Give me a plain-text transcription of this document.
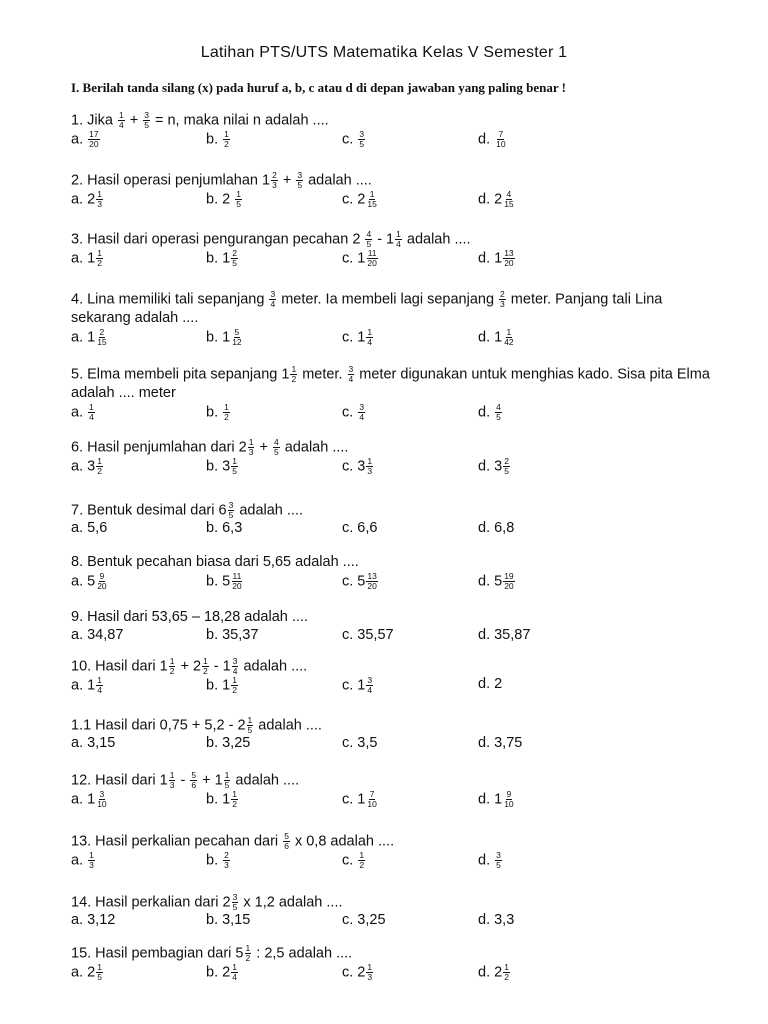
Latihan PTS/UTS Matematika Kelas V Semester 1
I. Berilah tanda silang (x) pada huruf a, b, c atau d di depan jawaban yang paling benar !
1. Jika $\frac{1}{4} + \frac{3}{5} = n$, maka nilai n adalah ....
a. $\frac{17}{20}$	b. $\frac{1}{2}$	c. $\frac{3}{5}$	d. $\frac{7}{10}$
2. Hasil operasi penjumlahan $1 \frac{2}{3} + \frac{3}{5}$ adalah ....
a. $2 \frac{1}{3}$	b. $2 \frac{1}{5}$	c. $2 \frac{1}{15}$	d. $2 \frac{4}{15}$
3. Hasil dari operasi pengurangan pecahan $2 \frac{4}{5} - 1 \frac{1}{4}$ adalah ....
a. $1 \frac{1}{2}$	b. $1 \frac{2}{5}$	c. $1 \frac{11}{20}$	d. $1 \frac{13}{20}$
4. Lina memiliki tali sepanjang $\frac{3}{4}$ meter. Ia membeli lagi sepanjang $\frac{2}{3}$ meter. Panjang tali Lina sekarang adalah ....
a. $1 \frac{2}{15}$	b. $1 \frac{5}{12}$	c. $1 \frac{1}{4}$	d. $1 \frac{1}{42}$
5. Elma membeli pita sepanjang $1 \frac{1}{2}$ meter. $\frac{3}{4}$ meter digunakan untuk menghias kado. Sisa pita Elma adalah .... meter
a. $\frac{1}{4}$	b. $\frac{1}{2}$	c. $\frac{3}{4}$	d. $\frac{4}{5}$
6. Hasil penjumlahan dari $2 \frac{1}{3} + \frac{4}{5}$ adalah ....
a. $3 \frac{1}{2}$	b. $3 \frac{1}{5}$	c. $3 \frac{1}{3}$	d. $3 \frac{2}{5}$
7. Bentuk desimal dari $6 \frac{3}{5}$ adalah ....
a. 5,6	b. 6,3	c. 6,6	d. 6,8
8. Bentuk pecahan biasa dari 5,65 adalah ....
a. $5 \frac{9}{20}$	b. $5 \frac{11}{20}$	c. $5 \frac{13}{20}$	d. $5 \frac{19}{20}$
9. Hasil dari 53,65 – 18,28 adalah ....
a. 34,87	b. 35,37	c. 35,57	d. 35,87
10. Hasil dari $1 \frac{1}{2} + 2 \frac{1}{2} - 1 \frac{3}{4}$ adalah ....
a. $1 \frac{1}{4}$	b. $1 \frac{1}{2}$	c. $1 \frac{3}{4}$	d. 2
1.1 Hasil dari $0,75 + 5,2 - 2 \frac{1}{5}$ adalah ....
a. 3,15	b. 3,25	c. 3,5	d. 3,75
12. Hasil dari $1 \frac{1}{3} - \frac{5}{6} + 1 \frac{1}{5}$ adalah ....
a. $1 \frac{3}{10}$	b. $1 \frac{1}{2}$	c. $1 \frac{7}{10}$	d. $1 \frac{9}{10}$
13. Hasil perkalian pecahan dari $\frac{5}{6}$ x 0,8 adalah ....
a. $\frac{1}{3}$	b. $\frac{2}{3}$	c. $\frac{1}{2}$	d. $\frac{3}{5}$
14. Hasil perkalian dari $2 \frac{3}{5}$ x 1,2 adalah ....
a. 3,12	b. 3,15	c. 3,25	d. 3,3
15. Hasil pembagian dari $5 \frac{1}{2}$ : 2,5 adalah ....
a. $2 \frac{1}{5}$	b. $2 \frac{1}{4}$	c. $2 \frac{1}{3}$	d. $2 \frac{1}{2}$
